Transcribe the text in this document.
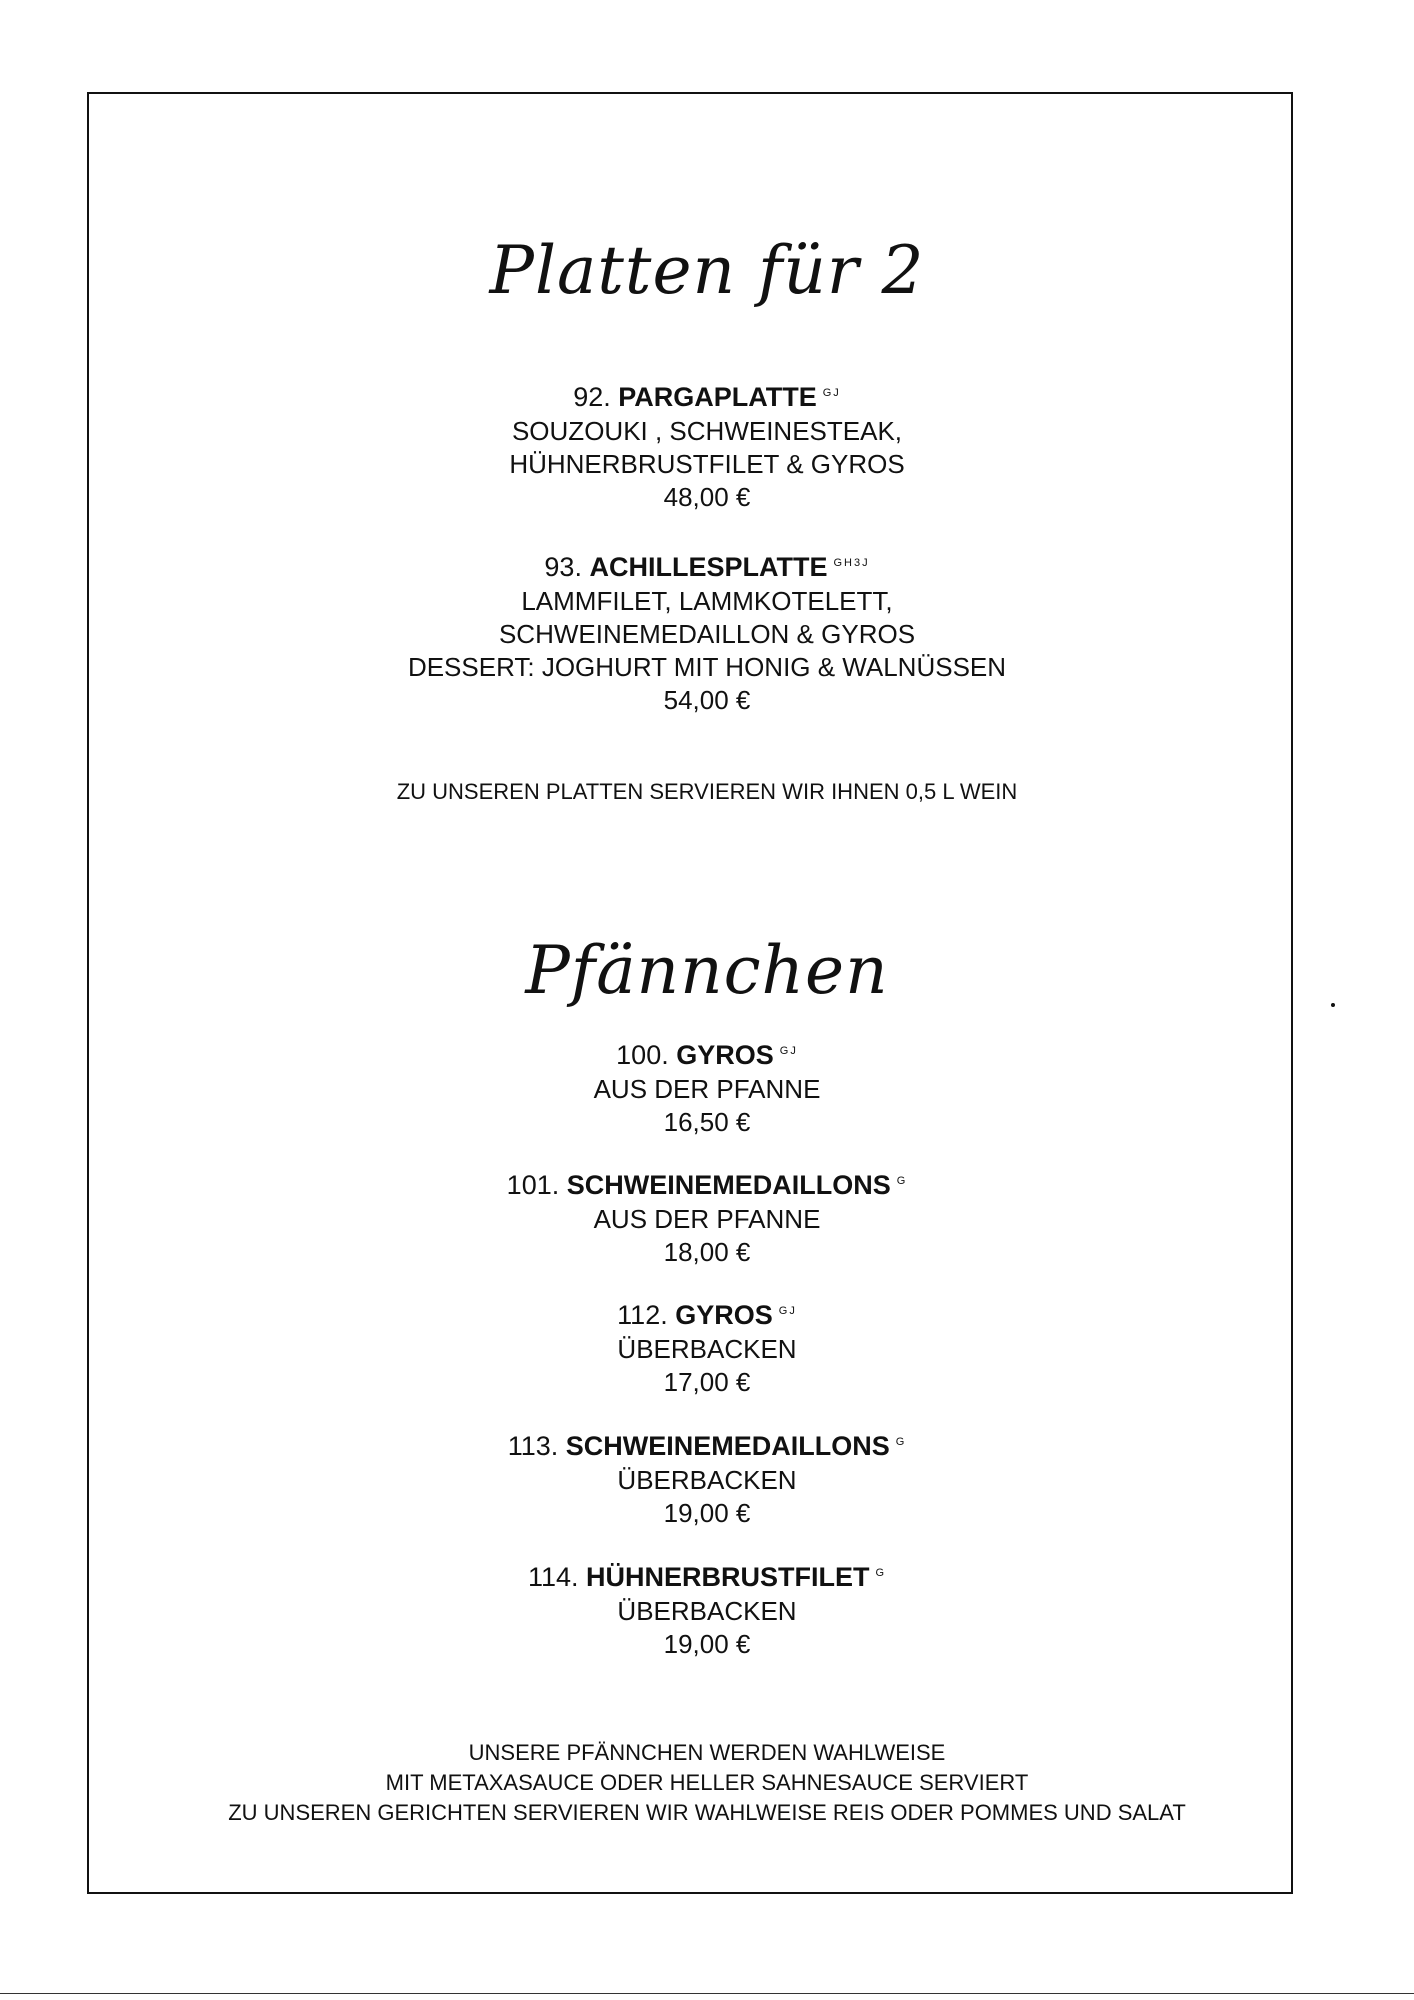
Platten für 2
92. PARGAPLATTE $^{GJ}$
SOUZOUKI , SCHWEINESTEAK,
HÜHNERBRUSTFILET & GYROS
48,00 €
93. ACHILLESPLATTE $^{GH3J}$
LAMMFILET, LAMMKOTELETT,
SCHWEINEMEDAILLON & GYROS
DESSERT: JOGHURT MIT HONIG & WALNÜSSEN
54,00 €
ZU UNSEREN PLATTEN SERVIEREN WIR IHNEN 0,5 L WEIN
Pfännchen
100. GYROS $^{GJ}$
AUS DER PFANNE
16,50 €
101. SCHWEINEMEDAILLONS $^G$
AUS DER PFANNE
18,00 €
112. GYROS $^{GJ}$
ÜBERBACKEN
17,00 €
113. SCHWEINEMEDAILLONS $^G$
ÜBERBACKEN
19,00 €
114. HÜHNERBRUSTFILET $^G$
ÜBERBACKEN
19,00 €
UNSERE PFÄNNCHEN WERDEN WAHLWEISE
MIT METAXASAUCE ODER HELLER SAHNESAUCE SERVIERT
ZU UNSEREN GERICHTEN SERVIEREN WIR WAHLWEISE REIS ODER POMMES UND SALAT
